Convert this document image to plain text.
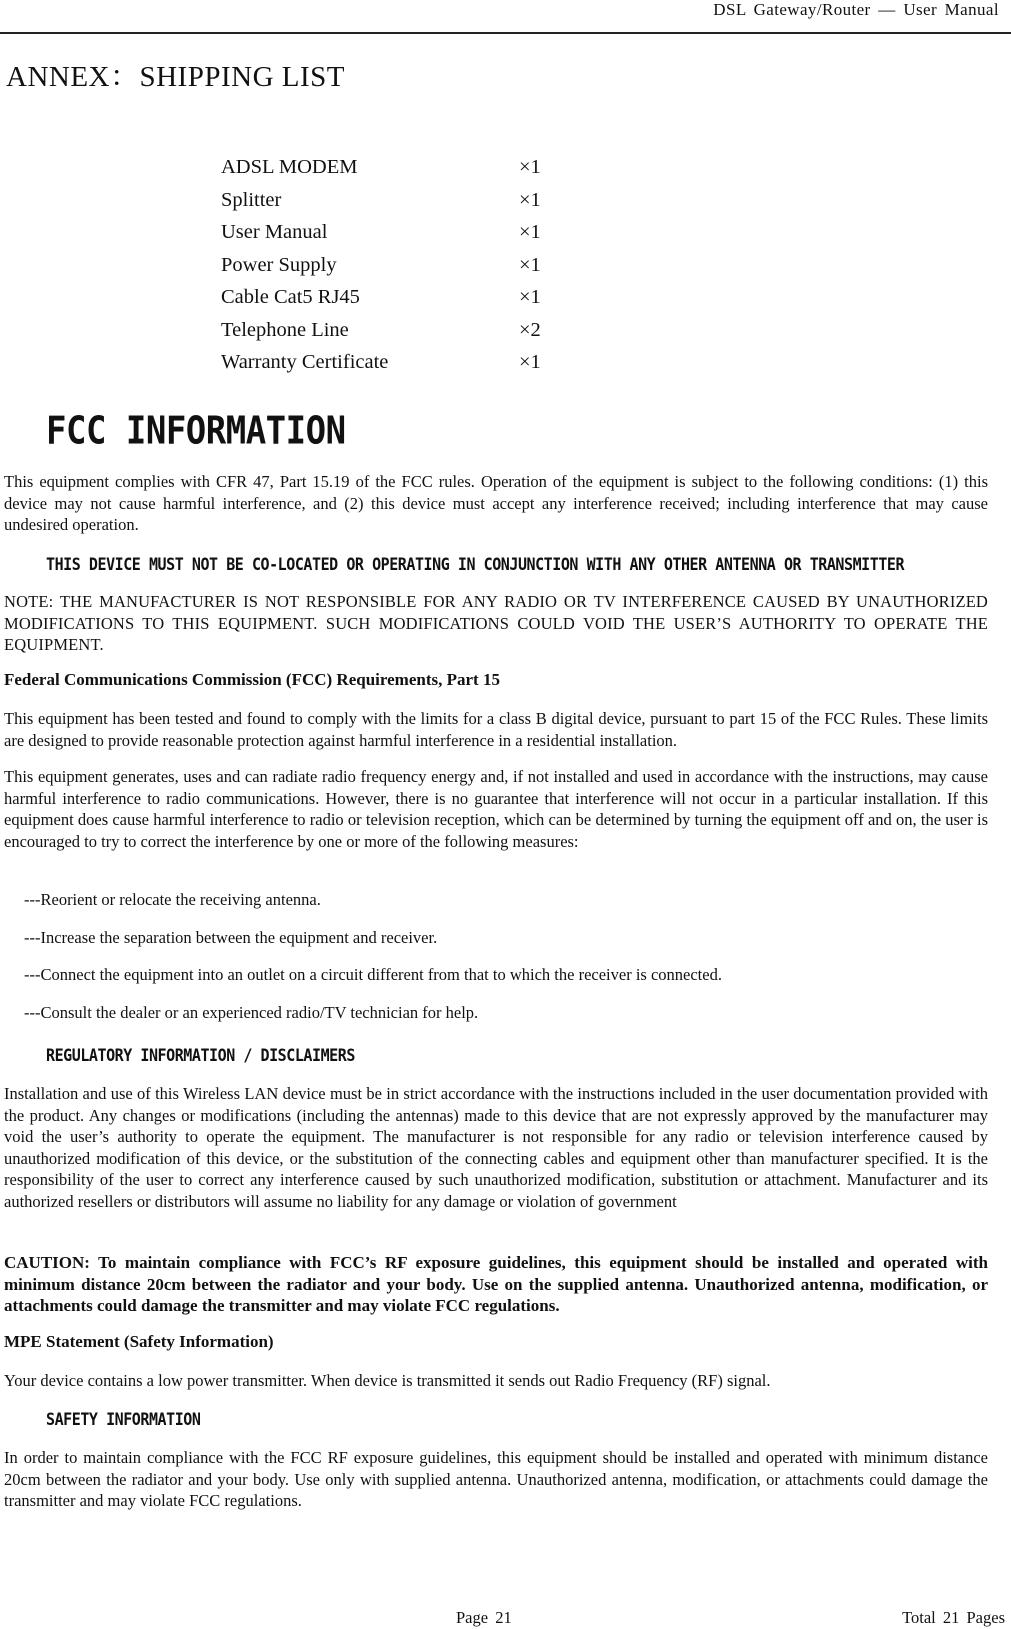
DSL Gateway/Router — User Manual
ANNEX：SHIPPING LIST
ADSL MODEM	×1
Splitter	×1
User Manual	×1
Power Supply	×1
Cable Cat5 RJ45	×1
Telephone Line	×2
Warranty Certificate	×1
FCC INFORMATION
This equipment complies with CFR 47, Part 15.19 of the FCC rules. Operation of the equipment is subject to the following conditions: (1) this device may not cause harmful interference, and (2) this device must accept any interference received; including interference that may cause undesired operation.
THIS DEVICE MUST NOT BE CO-LOCATED OR OPERATING IN CONJUNCTION WITH ANY OTHER ANTENNA OR TRANSMITTER
NOTE: THE MANUFACTURER IS NOT RESPONSIBLE FOR ANY RADIO OR TV INTERFERENCE CAUSED BY UNAUTHORIZED MODIFICATIONS TO THIS EQUIPMENT. SUCH MODIFICATIONS COULD VOID THE USER’S AUTHORITY TO OPERATE THE EQUIPMENT.
Federal Communications Commission (FCC) Requirements, Part 15
This equipment has been tested and found to comply with the limits for a class B digital device, pursuant to part 15 of the FCC Rules. These limits are designed to provide reasonable protection against harmful interference in a residential installation.
This equipment generates, uses and can radiate radio frequency energy and, if not installed and used in accordance with the instructions, may cause harmful interference to radio communications. However, there is no guarantee that interference will not occur in a particular installation. If this equipment does cause harmful interference to radio or television reception, which can be determined by turning the equipment off and on, the user is encouraged to try to correct the interference by one or more of the following measures:
---Reorient or relocate the receiving antenna.
---Increase the separation between the equipment and receiver.
---Connect the equipment into an outlet on a circuit different from that to which the receiver is connected.
---Consult the dealer or an experienced radio/TV technician for help.
REGULATORY INFORMATION / DISCLAIMERS
Installation and use of this Wireless LAN device must be in strict accordance with the instructions included in the user documentation provided with the product. Any changes or modifications (including the antennas) made to this device that are not expressly approved by the manufacturer may void the user’s authority to operate the equipment. The manufacturer is not responsible for any radio or television interference caused by unauthorized modification of this device, or the substitution of the connecting cables and equipment other than manufacturer specified. It is the responsibility of the user to correct any interference caused by such unauthorized modification, substitution or attachment. Manufacturer and its authorized resellers or distributors will assume no liability for any damage or violation of government
CAUTION: To maintain compliance with FCC’s RF exposure guidelines, this equipment should be installed and operated with minimum distance 20cm between the radiator and your body. Use on the supplied antenna. Unauthorized antenna, modification, or attachments could damage the transmitter and may violate FCC regulations.
MPE Statement (Safety Information)
Your device contains a low power transmitter. When device is transmitted it sends out Radio Frequency (RF) signal.
SAFETY INFORMATION
In order to maintain compliance with the FCC RF exposure guidelines, this equipment should be installed and operated with minimum distance 20cm between the radiator and your body. Use only with supplied antenna. Unauthorized antenna, modification, or attachments could damage the transmitter and may violate FCC regulations.
Page 21	Total 21 Pages
